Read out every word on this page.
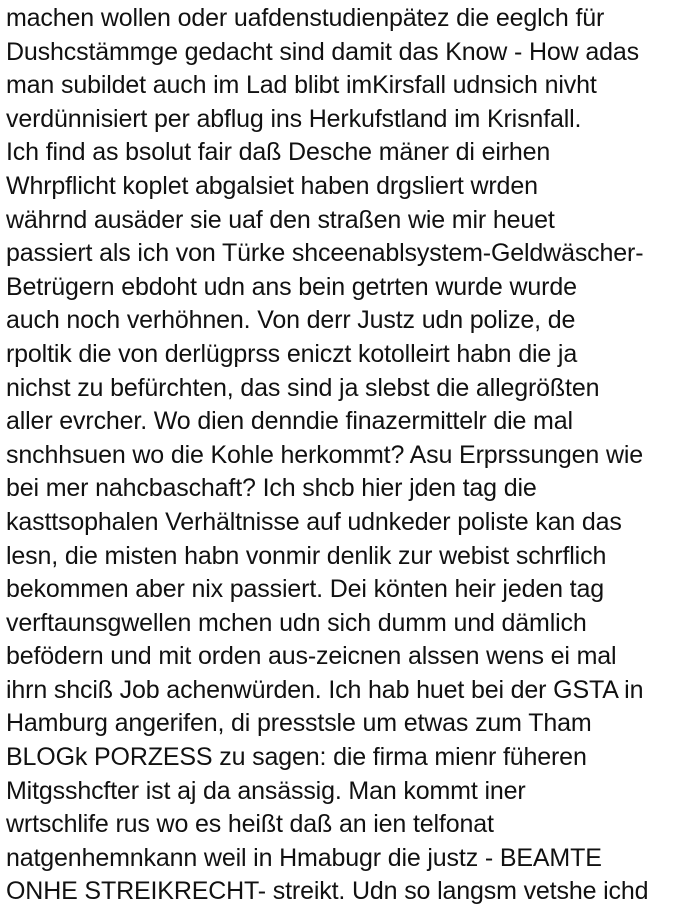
machen wollen oder uafdenstudienpätez die eeglch für
Dushcstämmge gedacht sind damit das Know - How adas
man subildet auch im Lad blibt imKirsfall udnsich nivht
verdünnisiert per abflug ins Herkufstland im Krisnfall.
Ich find as bsolut fair daß Desche mäner di eirhen
Whrpflicht koplet abgalsiet haben drgsliert wrden
währnd ausäder sie uaf den straßen wie mir heuet
passiert als ich von Türke shceenablsystem-Geldwäscher-
Betrügern ebdoht udn ans bein getrten wurde wurde
auch noch verhöhnen. Von derr Justz udn polize, de
rpoltik die von derlügprss eniczt kotolleirt habn die ja
nichst zu befürchten, das sind ja slebst die allegrößten
aller evrcher. Wo dien denndie finazermittelr die mal
snchhsuen wo die Kohle herkommt? Asu Erprssungen wie
bei mer nahcbaschaft? Ich shcb hier jden tag die
kasttsophalen Verhältnisse auf udnkeder poliste kan das
lesn, die misten habn vonmir denlik zur webist schrflich
bekommen aber nix passiert. Dei könten heir jeden tag
verftaunsgwellen mchen udn sich dumm und dämlich
befödern und mit orden aus-zeicnen alssen wens ei mal
ihrn shciß Job achenwürden. Ich hab huet bei der GSTA in
Hamburg angerifen, di presstsle um etwas zum Tham
BLOGk PORZESS zu sagen: die firma mienr füheren
Mitgsshcfter ist aj da ansässig. Man kommt iner
wrtschlife rus wo es heißt daß an ien telfonat
natgenhemnkann weil in Hmabugr die justz - BEAMTE
ONHE STREIKRECHT- streikt. Udn so langsm vetshe ichd
